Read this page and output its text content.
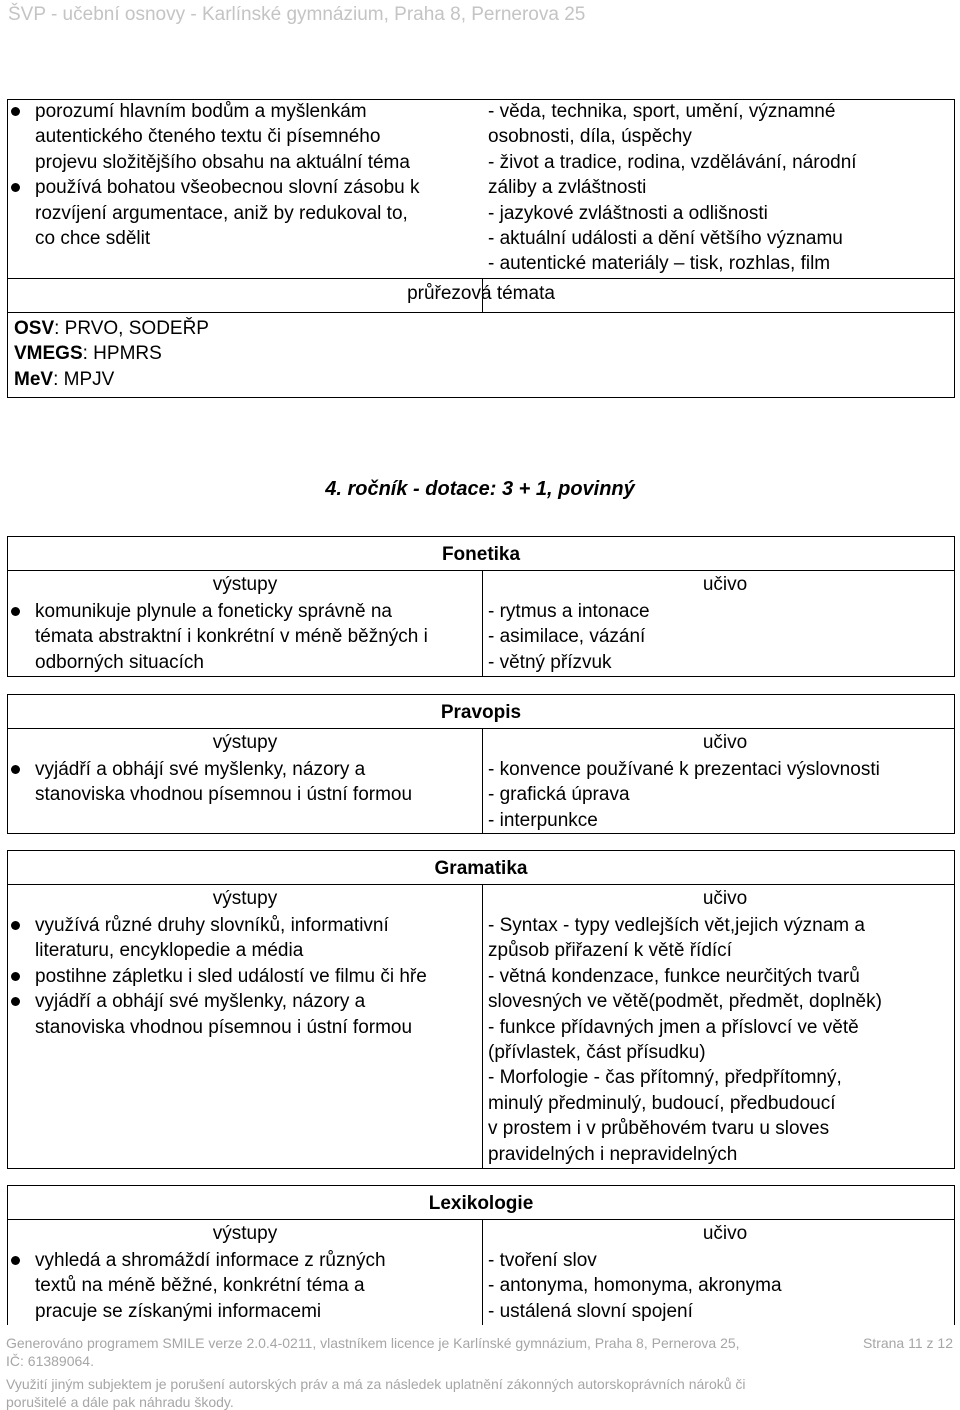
ŠVP - učební osnovy - Karlínské gymnázium, Praha 8, Pernerova 25
porozumí hlavním bodům a myšlenkám
autentického čteného textu či písemného
projevu složitějšího obsahu na aktuální téma
používá bohatou všeobecnou slovní zásobu k
rozvíjení argumentace, aniž by redukoval to,
co chce sdělit
- věda, technika, sport, umění, významné
osobnosti, díla, úspěchy
- život a tradice, rodina, vzdělávání, národní
záliby a zvláštnosti
- jazykové zvláštnosti a odlišnosti
- aktuální události a dění většího významu
- autentické materiály – tisk, rozhlas, film
průřezová témata
OSV: PRVO, SODEŘP
VMEGS: HPMRS
MeV: MPJV
4. ročník - dotace: 3 + 1, povinný
Fonetika
výstupy	učivo
komunikuje plynule a foneticky správně na
témata abstraktní i konkrétní v méně běžných i
odborných situacích
- rytmus a intonace
- asimilace, vázání
- větný přízvuk
Pravopis
výstupy	učivo
vyjádří a obhájí své myšlenky, názory a
stanoviska vhodnou písemnou i ústní formou
- konvence používané k prezentaci výslovnosti
- grafická úprava
- interpunkce
Gramatika
výstupy	učivo
využívá různé druhy slovníků, informativní
literaturu, encyklopedie a média
postihne zápletku i sled událostí ve filmu či hře
vyjádří a obhájí své myšlenky, názory a
stanoviska vhodnou písemnou i ústní formou
- Syntax - typy vedlejších vět,jejich význam a
způsob přiřazení k větě řídící
- větná kondenzace, funkce neurčitých tvarů
slovesných ve větě(podmět, předmět, doplněk)
- funkce přídavných jmen a příslovcí ve větě
(přívlastek, část přísudku)
- Morfologie - čas přítomný, předpřítomný,
minulý předminulý, budoucí, předbudoucí
v prostem i v průběhovém tvaru u sloves
pravidelných i nepravidelných
Lexikologie
výstupy	učivo
vyhledá a shromáždí informace z různých
textů na méně běžné, konkrétní téma a
pracuje se získanými informacemi
- tvoření slov
- antonyma, homonyma, akronyma
- ustálená slovní spojení
Generováno programem SMILE verze 2.0.4-0211, vlastníkem licence je Karlínské gymnázium, Praha 8, Pernerova 25,
IČ: 61389064.
Strana 11 z 12
Využití jiným subjektem je porušení autorských práv a má za následek uplatnění zákonných autorskoprávních nároků či
porušitelé a dále pak náhradu škody.
